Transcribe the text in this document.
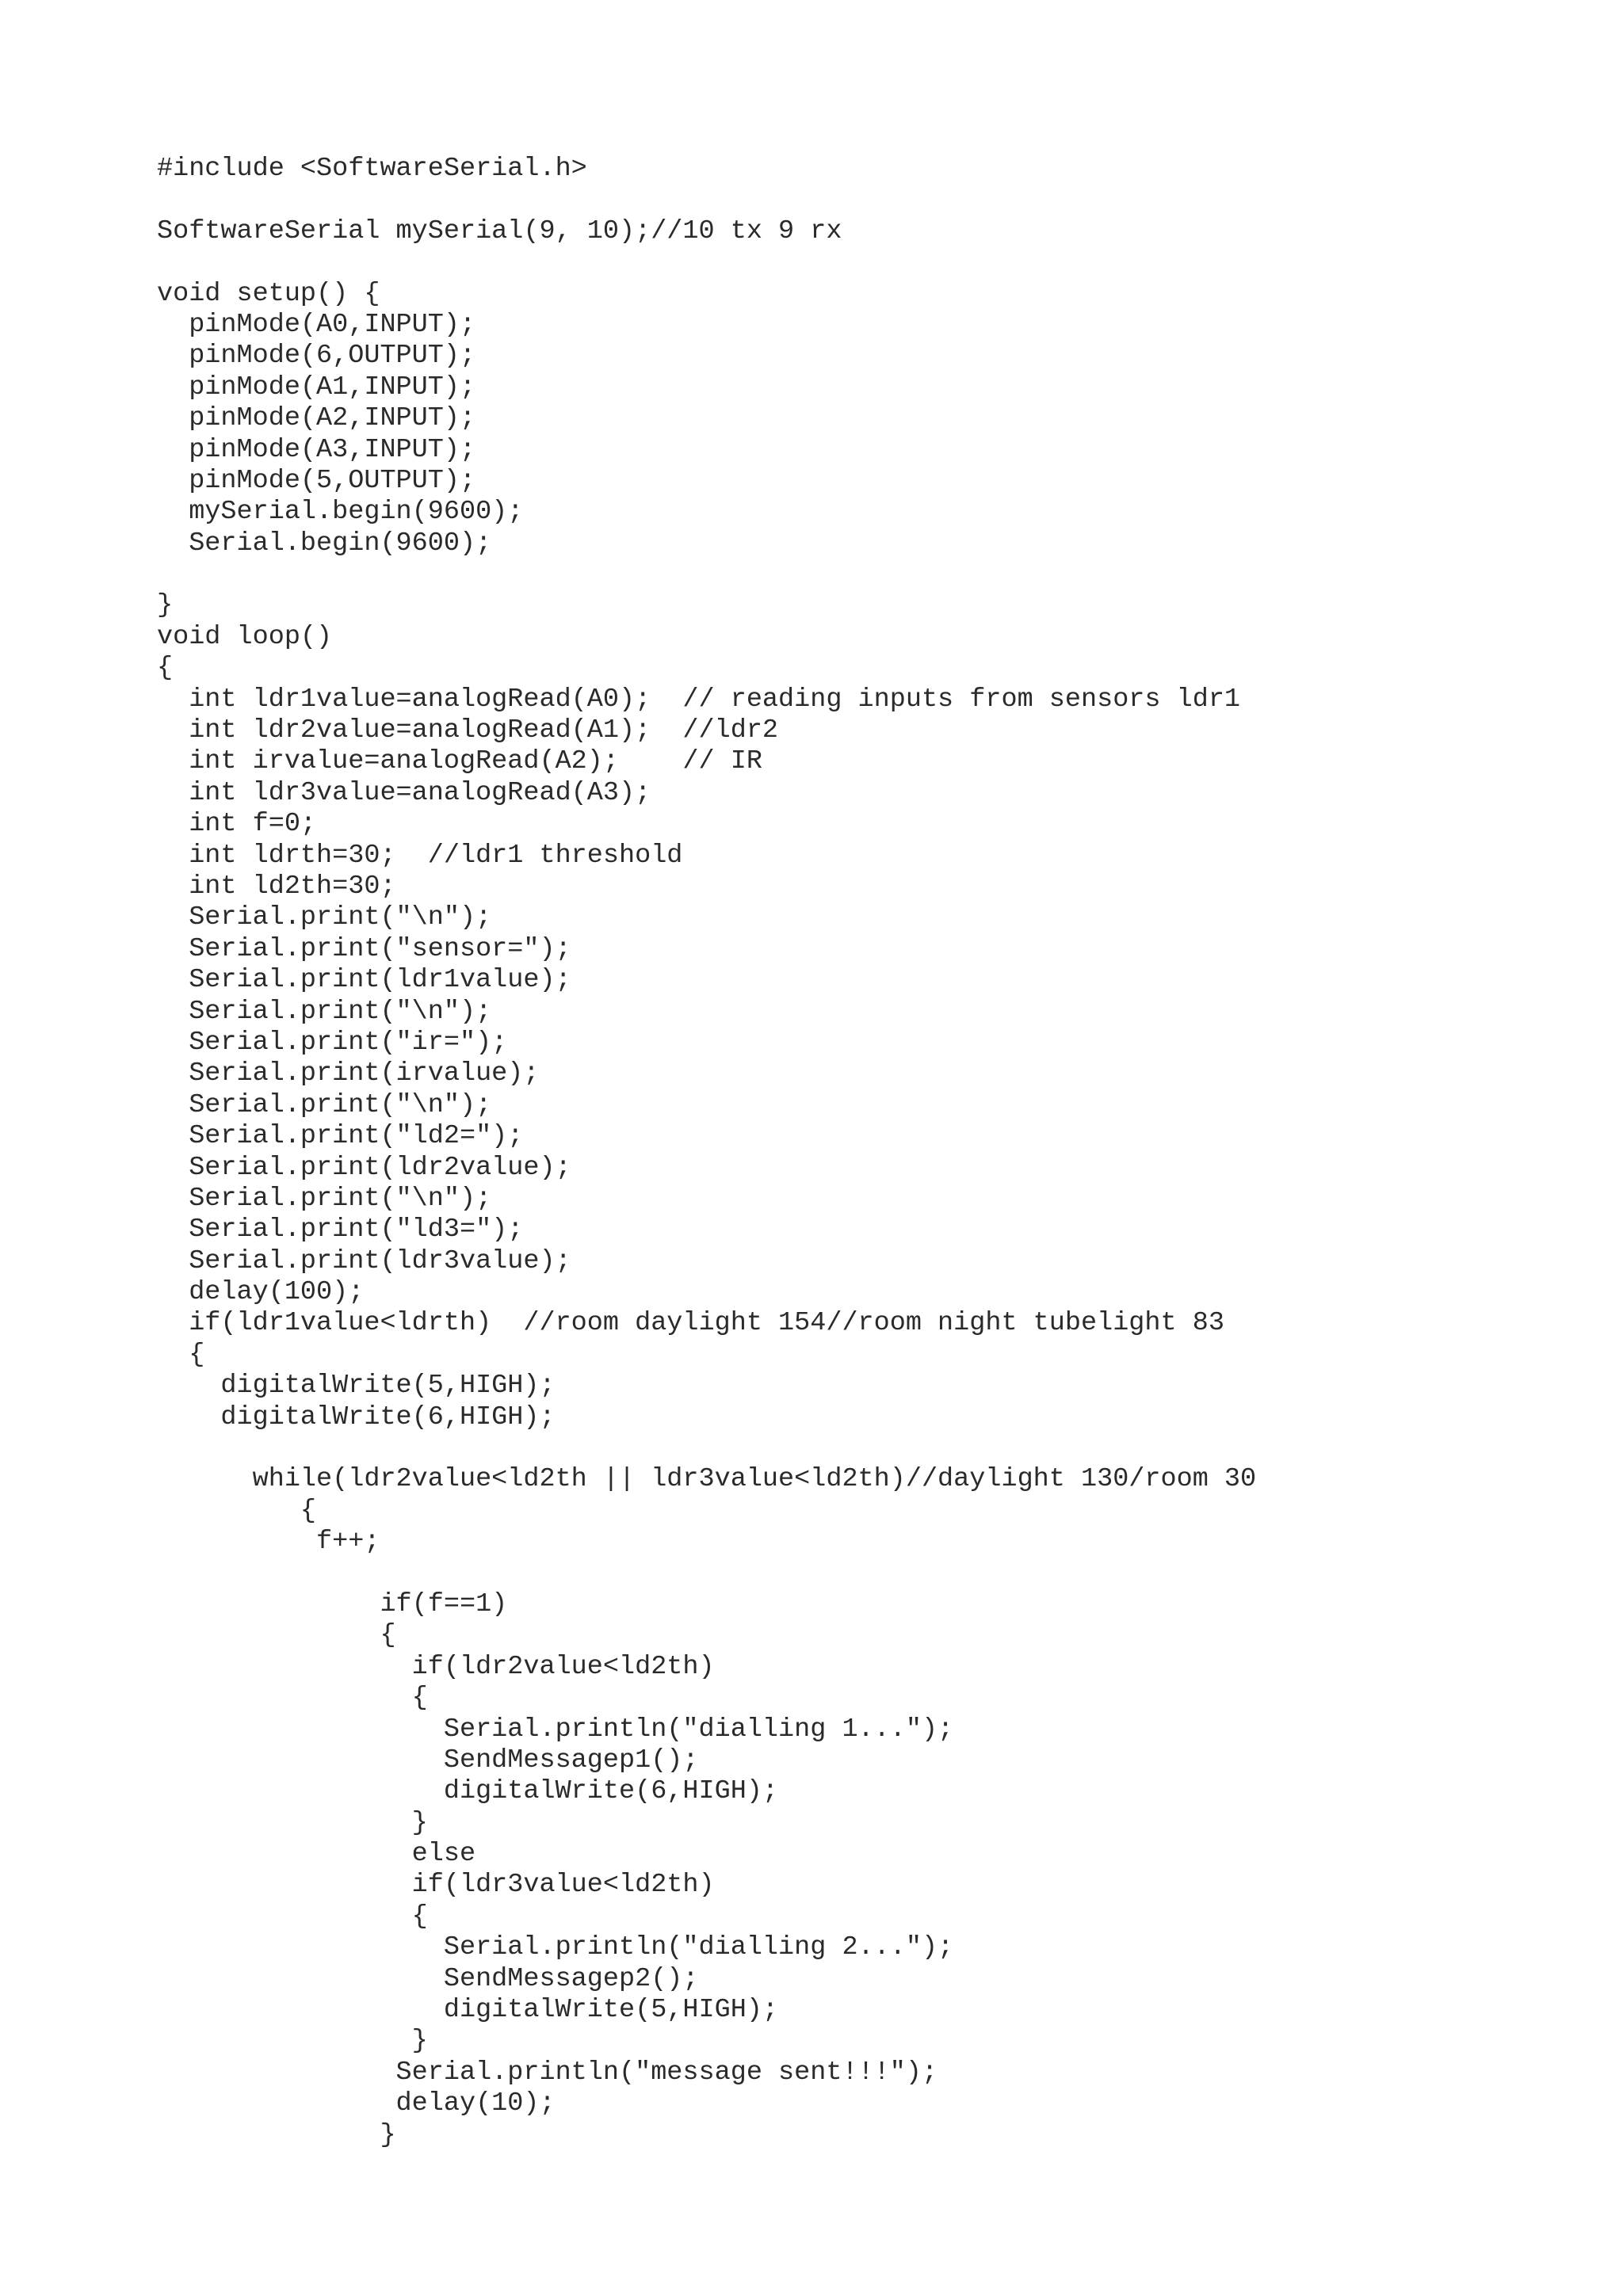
#include <SoftwareSerial.h>
SoftwareSerial mySerial(9, 10);//10 tx 9 rx
void setup() {
pinMode(A0,INPUT);
pinMode(6,OUTPUT);
pinMode(A1,INPUT);
pinMode(A2,INPUT);
pinMode(A3,INPUT);
pinMode(5,OUTPUT);
mySerial.begin(9600);
Serial.begin(9600);
}
void loop()
{
int ldr1value=analogRead(A0);  // reading inputs from sensors ldr1
int ldr2value=analogRead(A1);  //ldr2
int irvalue=analogRead(A2);    // IR
int ldr3value=analogRead(A3);
int f=0;
int ldrth=30;  //ldr1 threshold
int ld2th=30;
Serial.print("\n");
Serial.print("sensor=");
Serial.print(ldr1value);
Serial.print("\n");
Serial.print("ir=");
Serial.print(irvalue);
Serial.print("\n");
Serial.print("ld2=");
Serial.print(ldr2value);
Serial.print("\n");
Serial.print("ld3=");
Serial.print(ldr3value);
delay(100);
if(ldr1value<ldrth)  //room daylight 154//room night tubelight 83
{
digitalWrite(5,HIGH);
digitalWrite(6,HIGH);
while(ldr2value<ld2th || ldr3value<ld2th)//daylight 130/room 30
{
f++;
if(f==1)
{
if(ldr2value<ld2th)
{
Serial.println("dialling 1...");
SendMessagep1();
digitalWrite(6,HIGH);
}
else
if(ldr3value<ld2th)
{
Serial.println("dialling 2...");
SendMessagep2();
digitalWrite(5,HIGH);
}
Serial.println("message sent!!!");
delay(10);
}
